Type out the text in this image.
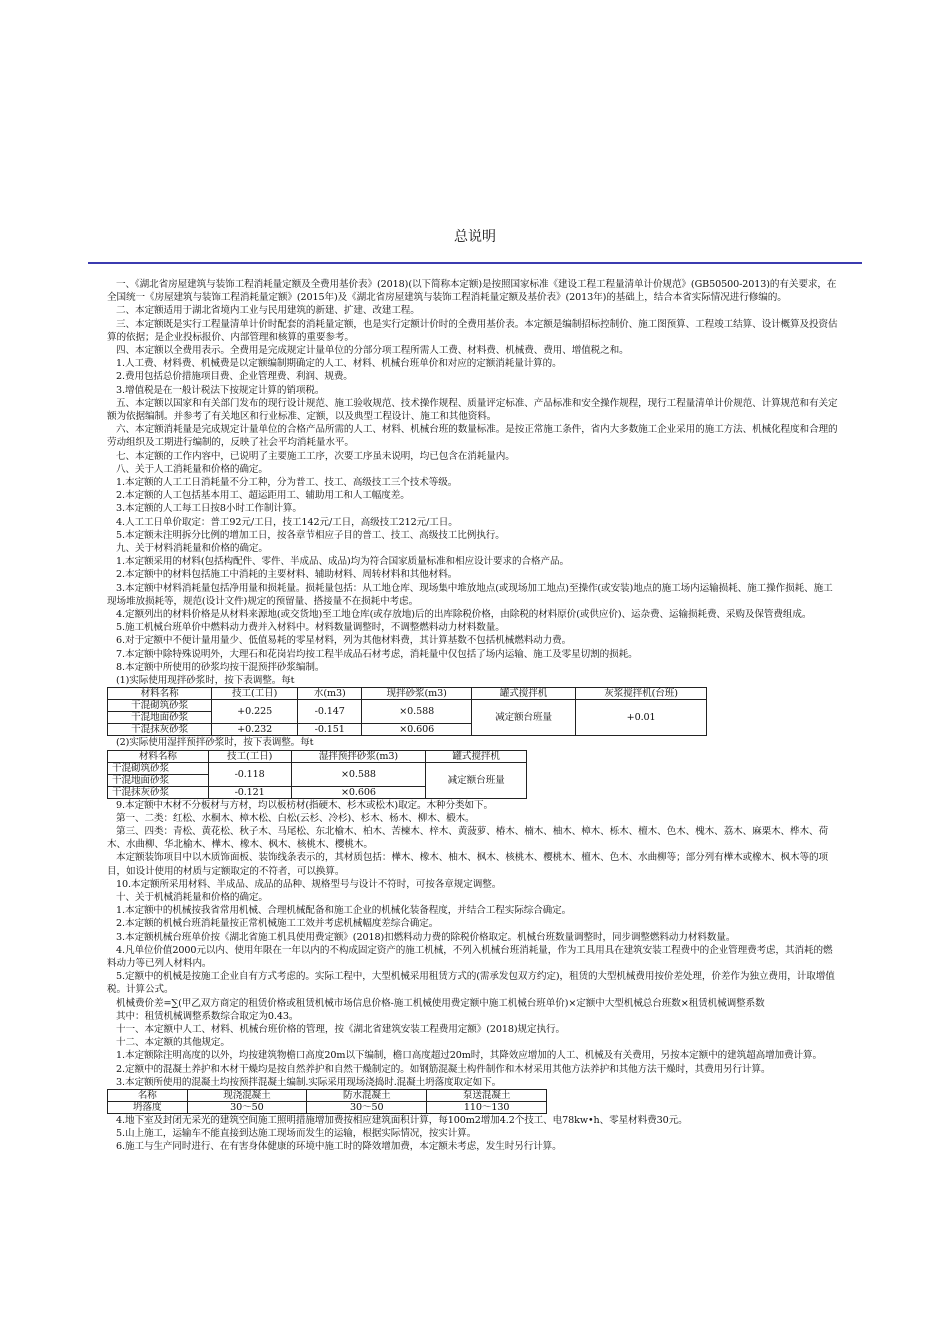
总说明

一、《湖北省房屋建筑与装饰工程消耗量定额及全费用基价表》(2018)(以下简称本定额)是按照国家标准《建设工程工程量清单计价规范》(GB50500-2013)的有关要求，在全国统一《房屋建筑与装饰工程消耗量定额》(2015年)及《湖北省房屋建筑与装饰工程消耗量定额及基价表》(2013年)的基础上，结合本省实际情况进行修编的。

二、本定额适用于湖北省境内工业与民用建筑的新建、扩建、改建工程。

三、本定额既是实行工程量清单计价时配套的消耗量定额，也是实行定额计价时的全费用基价表。本定额是编制招标控制价、施工图预算、工程竣工结算、设计概算及投资估算的依据；是企业投标报价、内部管理和核算的重要参考。

四、本定额以全费用表示。全费用是完成规定计量单位的分部分项工程所需人工费、材料费、机械费、费用、增值税之和。

1.人工费、材料费、机械费是以定额编制期确定的人工、材料、机械台班单价和对应的定额消耗量计算的。

2.费用包括总价措施项目费、企业管理费、利润、规费。

3.增值税是在一般计税法下按规定计算的销项税。

五、本定额以国家和有关部门发布的现行设计规范、施工验收规范、技术操作规程、质量评定标准、产品标准和安全操作规程，现行工程量清单计价规范、计算规范和有关定额为依据编制。并参考了有关地区和行业标准、定额，以及典型工程设计、施工和其他资料。

六、本定额消耗量是完成规定计量单位的合格产品所需的人工、材料、机械台班的数量标准。是按正常施工条件，省内大多数施工企业采用的施工方法、机械化程度和合理的劳动组织及工期进行编制的，反映了社会平均消耗量水平。

七、本定额的工作内容中，已说明了主要施工工序，次要工序虽未说明，均已包含在消耗量内。

八、关于人工消耗量和价格的确定。

1.本定额的人工工日消耗量不分工种，分为普工、技工、高级技工三个技术等级。

2.本定额的人工包括基本用工、超运距用工、辅助用工和人工幅度差。

3.本定额的人工每工日按8小时工作制计算。

4.人工工日单价取定：普工92元/工日，技工142元/工日，高级技工212元/工日。

5.本定额未注明拆分比例的增加工日，按各章节相应子目的普工、技工、高级技工比例执行。

九、关于材料消耗量和价格的确定。

1.本定额采用的材料(包括构配件、零件、半成品、成品)均为符合国家质量标准和相应设计要求的合格产品。

2.本定额中的材料包括施工中消耗的主要材料、辅助材料、周转材料和其他材料。

3.本定额中材料消耗量包括净用量和损耗量。损耗量包括：从工地仓库、现场集中堆放地点(或现场加工地点)至操作(或安装)地点的施工场内运输损耗、施工操作损耗、施工现场堆放损耗等，规范(设计文件)规定的预留量、搭接量不在损耗中考虑。

4.定额列出的材料价格是从材料来源地(或交货地)至工地仓库(或存放地)后的出库除税价格，由除税的材料原价(或供应价)、运杂费、运输损耗费、采购及保管费组成。

5.施工机械台班单价中燃料动力费并入材料中。材料数量调整时，不调整燃料动力材料数量。

6.对于定额中不便计量用量少、低值易耗的零星材料，列为其他材料费，其计算基数不包括机械燃料动力费。

7.本定额中除特殊说明外，大理石和花岗岩均按工程半成品石材考虑，消耗量中仅包括了场内运输、施工及零星切割的损耗。

8.本定额中所使用的砂浆均按干混预拌砂浆编制。

(1)实际使用现拌砂浆时，按下表调整。每t

材料名称	技工(工日)	水(m3)	现拌砂浆(m3)	罐式搅拌机	灰浆搅拌机(台班)
干混砌筑砂浆	+0.225	-0.147	×0.588	减定额台班量	+0.01
干混地面砂浆					
干混抹灰砂浆	+0.232	-0.151	×0.606		

(2)实际使用湿拌预拌砂浆时，按下表调整。每t

材料名称	技工(工日)	湿拌预拌砂浆(m3)	罐式搅拌机
干混砌筑砂浆	-0.118	×0.588	减定额台班量
干混地面砂浆			
干混抹灰砂浆	-0.121	×0.606	

9.本定额中木材不分板材与方材，均以板枋材(指硬木、杉木或松木)取定。木种分类如下。

第一、二类：红松、水桐木、樟木松、白松(云杉、冷杉)、杉木、杨木、柳木、椴木。

第三、四类：青松、黄花松、秋子木、马尾松、东北榆木、柏木、苦楝木、梓木、黄菠萝、椿木、楠木、柚木、樟木、栎木、檀木、色木、槐木、荔木、麻栗木、桦木、荷木、水曲柳、华北榆木、樺木、橡木、枫木、核桃木、樱桃木。

本定额装饰项目中以木质饰面板、装饰线条表示的，其材质包括：樺木、橡木、柚木、枫木、核桃木、樱桃木、檀木、色木、水曲柳等；部分列有樺木或橡木、枫木等的项目，如设计使用的材质与定额取定的不符者，可以换算。

10.本定额所采用材料、半成品、成品的品种、规格型号与设计不符时，可按各章规定调整。

十、关于机械消耗量和价格的确定。

1.本定额中的机械按我省常用机械、合理机械配备和施工企业的机械化装备程度，并结合工程实际综合确定。

2.本定额的机械台班消耗量按正常机械施工工效并考虑机械幅度差综合确定。

3.本定额机械台班单价按《湖北省施工机具使用费定额》(2018)扣燃料动力费的除税价格取定。机械台班数量调整时，同步调整燃料动力材料数量。

4.凡单位价值2000元以内、使用年限在一年以内的不构成固定资产的施工机械，不列入机械台班消耗量，作为工具用具在建筑安装工程费中的企业管理费考虑，其消耗的燃料动力等已列人材料内。

5.定额中的机械是按施工企业自有方式考虑的。实际工程中，大型机械采用租赁方式的(需承发包双方约定)，租赁的大型机械费用按价差处理，价差作为独立费用，计取增值税。计算公式。

机械费价差=∑(甲乙双方商定的租赁价格或租赁机械市场信息价格-施工机械使用费定额中施工机械台班单价)×定额中大型机械总台班数×租赁机械调整系数

其中：租赁机械调整系数综合取定为0.43。

十一、本定额中人工、材料、机械台班价格的管理，按《湖北省建筑安装工程费用定额》(2018)规定执行。

十二、本定额的其他规定。

1.本定额除注明高度的以外，均按建筑物檐口高度20m以下编制，檐口高度超过20m时，其降效应增加的人工、机械及有关费用，另按本定额中的建筑超高增加费计算。

2.定额中的混凝土养护和木材干燥均是按自然养护和自然干燥制定的。如钢筋混凝土构件制作和木材采用其他方法养护和其他方法干燥时，其费用另行计算。

3.本定额所使用的混凝土均按预拌混凝土编制.实际采用现场浇捣时.混凝土坍落度取定如下。

名称	现浇混凝土	防水混凝土	泵送混凝土
坍落度	30～50	30～50	110～130

4.地下室及封闭无采光的建筑空间施工照明措施增加费按相应建筑面积计算，每100m2增加4.2个技工、电78kw•h、零星材料费30元。

5.山上施工，运输车不能直接到达施工现场而发生的运输，根据实际情况，按实计算。

6.施工与生产同时进行、在有害身体健康的环境中施工时的降效增加费，本定额未考虑，发生时另行计算。
